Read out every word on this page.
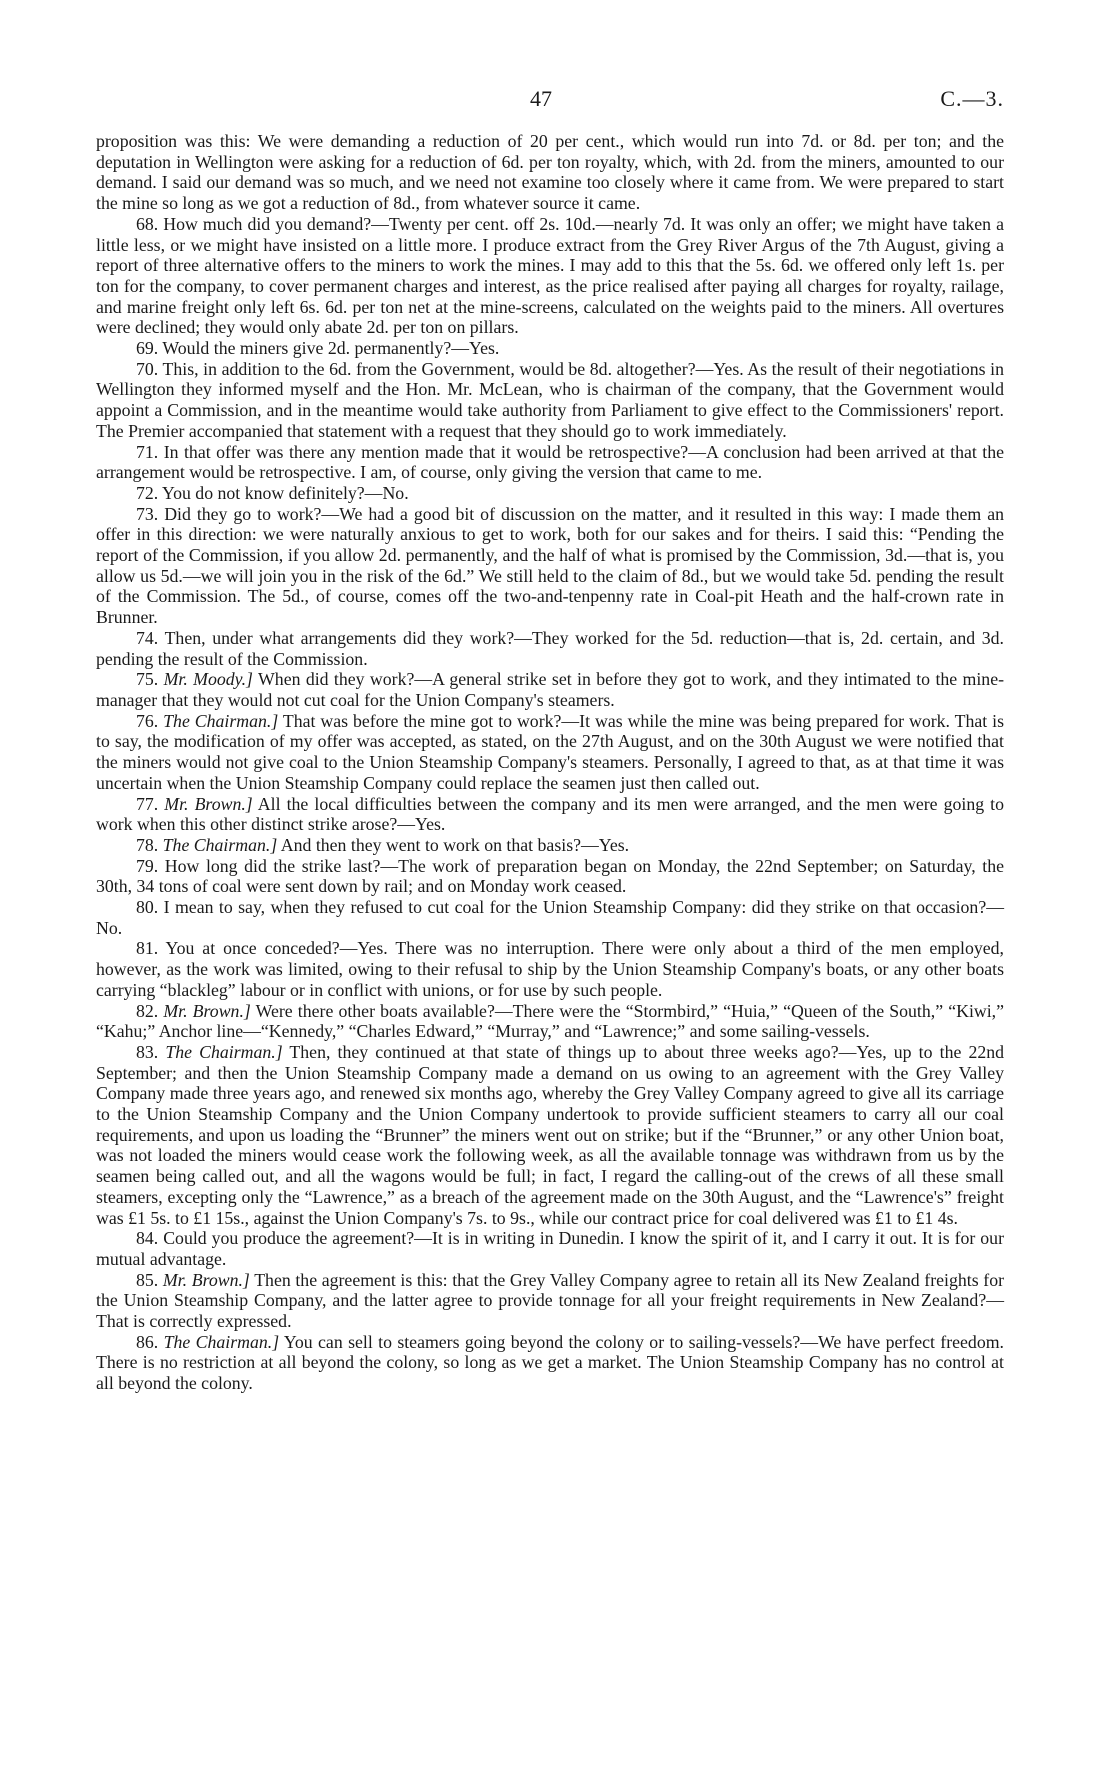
47	C.—3.

proposition was this: We were demanding a reduction of 20 per cent., which would run into 7d. or 8d. per ton; and the deputation in Wellington were asking for a reduction of 6d. per ton royalty, which, with 2d. from the miners, amounted to our demand. I said our demand was so much, and we need not examine too closely where it came from. We were prepared to start the mine so long as we got a reduction of 8d., from whatever source it came.

68. How much did you demand?—Twenty per cent. off 2s. 10d.—nearly 7d. It was only an offer; we might have taken a little less, or we might have insisted on a little more. I produce extract from the Grey River Argus of the 7th August, giving a report of three alternative offers to the miners to work the mines. I may add to this that the 5s. 6d. we offered only left 1s. per ton for the company, to cover permanent charges and interest, as the price realised after paying all charges for royalty, railage, and marine freight only left 6s. 6d. per ton net at the mine-screens, calculated on the weights paid to the miners. All overtures were declined; they would only abate 2d. per ton on pillars.

69. Would the miners give 2d. permanently?—Yes.

70. This, in addition to the 6d. from the Government, would be 8d. altogether?—Yes. As the result of their negotiations in Wellington they informed myself and the Hon. Mr. McLean, who is chairman of the company, that the Government would appoint a Commission, and in the meantime would take authority from Parliament to give effect to the Commissioners' report. The Premier accompanied that statement with a request that they should go to work immediately.

71. In that offer was there any mention made that it would be retrospective?—A conclusion had been arrived at that the arrangement would be retrospective. I am, of course, only giving the version that came to me.

72. You do not know definitely?—No.

73. Did they go to work?—We had a good bit of discussion on the matter, and it resulted in this way: I made them an offer in this direction: we were naturally anxious to get to work, both for our sakes and for theirs. I said this: “Pending the report of the Commission, if you allow 2d. permanently, and the half of what is promised by the Commission, 3d.—that is, you allow us 5d.—we will join you in the risk of the 6d.” We still held to the claim of 8d., but we would take 5d. pending the result of the Commission. The 5d., of course, comes off the two-and-tenpenny rate in Coal-pit Heath and the half-crown rate in Brunner.

74. Then, under what arrangements did they work?—They worked for the 5d. reduction—that is, 2d. certain, and 3d. pending the result of the Commission.

75. Mr. Moody.] When did they work?—A general strike set in before they got to work, and they intimated to the mine-manager that they would not cut coal for the Union Company's steamers.

76. The Chairman.] That was before the mine got to work?—It was while the mine was being prepared for work. That is to say, the modification of my offer was accepted, as stated, on the 27th August, and on the 30th August we were notified that the miners would not give coal to the Union Steamship Company's steamers. Personally, I agreed to that, as at that time it was uncertain when the Union Steamship Company could replace the seamen just then called out.

77. Mr. Brown.] All the local difficulties between the company and its men were arranged, and the men were going to work when this other distinct strike arose?—Yes.

78. The Chairman.] And then they went to work on that basis?—Yes.

79. How long did the strike last?—The work of preparation began on Monday, the 22nd September; on Saturday, the 30th, 34 tons of coal were sent down by rail; and on Monday work ceased.

80. I mean to say, when they refused to cut coal for the Union Steamship Company: did they strike on that occasion?—No.

81. You at once conceded?—Yes. There was no interruption. There were only about a third of the men employed, however, as the work was limited, owing to their refusal to ship by the Union Steamship Company's boats, or any other boats carrying “blackleg” labour or in conflict with unions, or for use by such people.

82. Mr. Brown.] Were there other boats available?—There were the “Stormbird,” “Huia,” “Queen of the South,” “Kiwi,” “Kahu;” Anchor line—“Kennedy,” “Charles Edward,” “Murray,” and “Lawrence;” and some sailing-vessels.

83. The Chairman.] Then, they continued at that state of things up to about three weeks ago?—Yes, up to the 22nd September; and then the Union Steamship Company made a demand on us owing to an agreement with the Grey Valley Company made three years ago, and renewed six months ago, whereby the Grey Valley Company agreed to give all its carriage to the Union Steamship Company and the Union Company undertook to provide sufficient steamers to carry all our coal requirements, and upon us loading the “Brunner” the miners went out on strike; but if the “Brunner,” or any other Union boat, was not loaded the miners would cease work the following week, as all the available tonnage was withdrawn from us by the seamen being called out, and all the wagons would be full; in fact, I regard the calling-out of the crews of all these small steamers, excepting only the “Lawrence,” as a breach of the agreement made on the 30th August, and the “Lawrence's” freight was £1 5s. to £1 15s., against the Union Company's 7s. to 9s., while our contract price for coal delivered was £1 to £1 4s.

84. Could you produce the agreement?—It is in writing in Dunedin. I know the spirit of it, and I carry it out. It is for our mutual advantage.

85. Mr. Brown.] Then the agreement is this: that the Grey Valley Company agree to retain all its New Zealand freights for the Union Steamship Company, and the latter agree to provide tonnage for all your freight requirements in New Zealand?—That is correctly expressed.

86. The Chairman.] You can sell to steamers going beyond the colony or to sailing-vessels?—We have perfect freedom. There is no restriction at all beyond the colony, so long as we get a market. The Union Steamship Company has no control at all beyond the colony.
